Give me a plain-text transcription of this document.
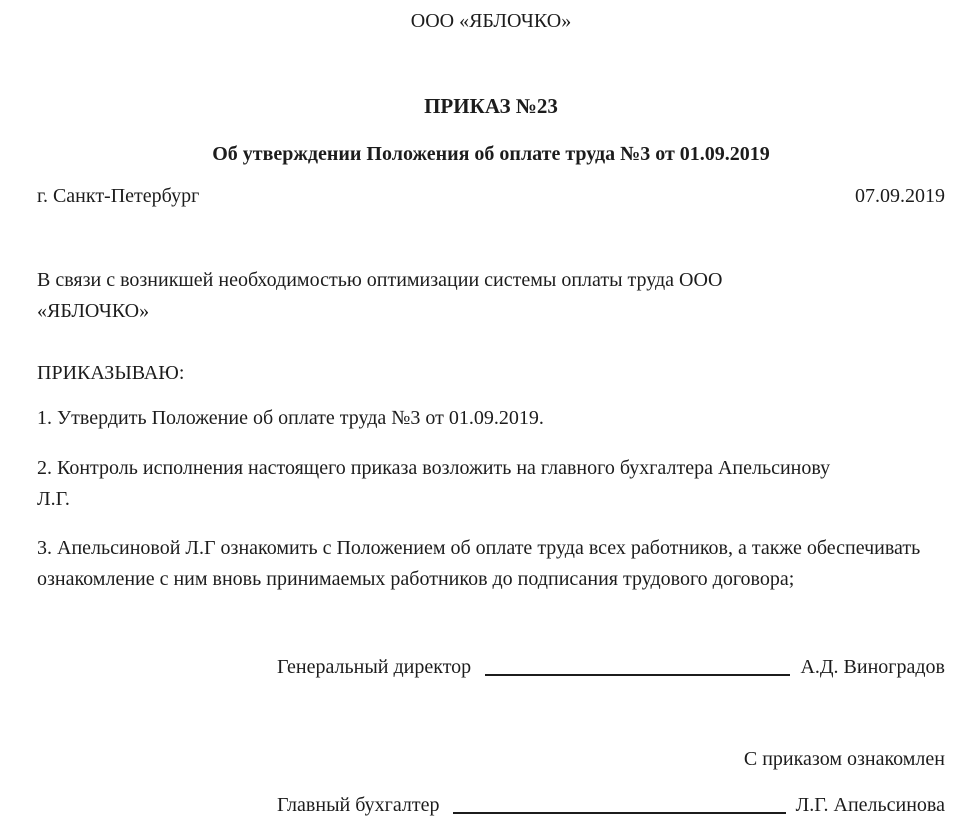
ООО «ЯБЛОЧКО»

ПРИКАЗ №23

Об утверждении Положения об оплате труда №3 от 01.09.2019

г. Санкт-Петербург	07.09.2019

В связи с возникшей необходимостью оптимизации системы оплаты труда ООО «ЯБЛОЧКО»

ПРИКАЗЫВАЮ:

1. Утвердить Положение об оплате труда №3 от 01.09.2019.

2. Контроль исполнения настоящего приказа возложить на главного бухгалтера Апельсинову Л.Г.

3. Апельсиновой Л.Г ознакомить с Положением об оплате труда всех работников, а также обеспечивать ознакомление с ним вновь принимаемых работников до подписания трудового договора;

Генеральный директор	А.Д. Виноградов

С приказом ознакомлен

Главный бухгалтер	Л.Г. Апельсинова
